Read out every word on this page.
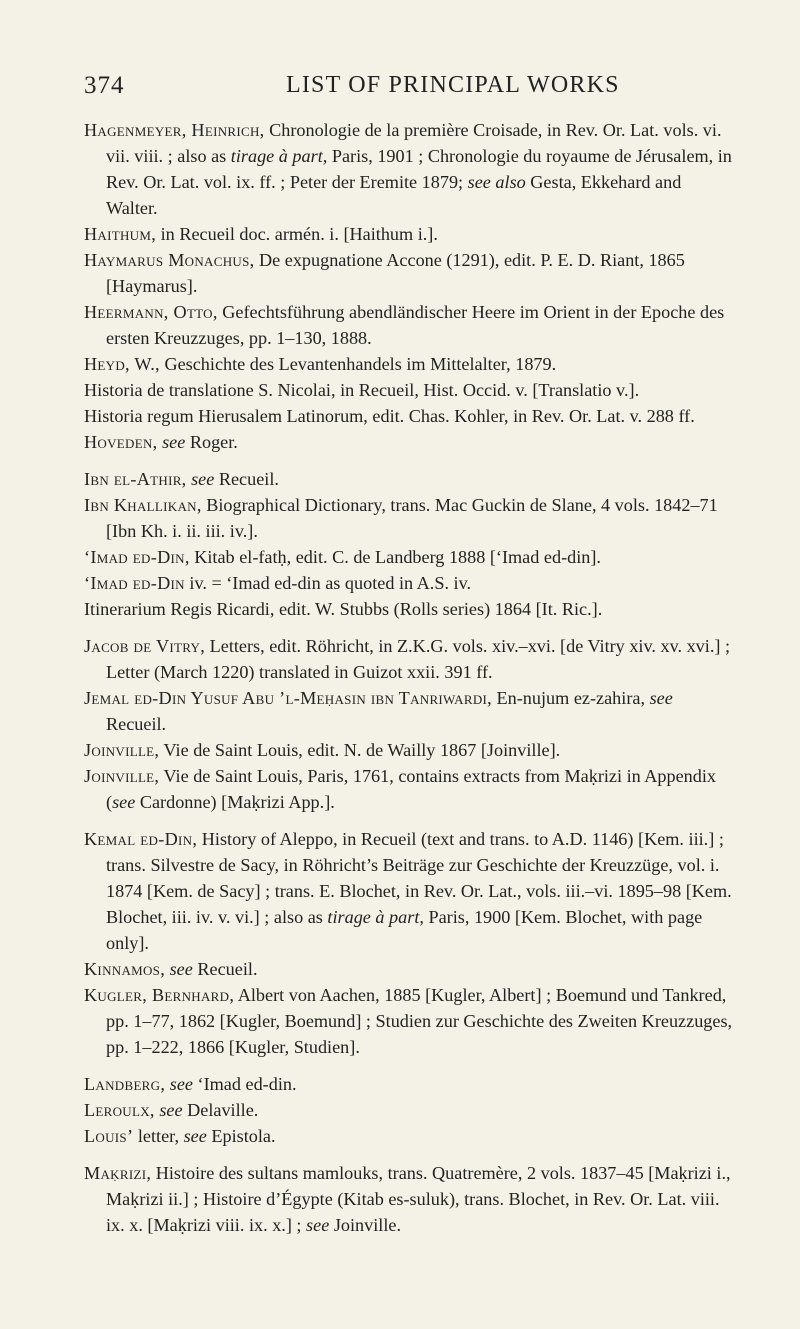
374	LIST OF PRINCIPAL WORKS

Hagenmeyer, Heinrich, Chronologie de la première Croisade, in Rev. Or. Lat. vols. vi. vii. viii. ; also as tirage à part, Paris, 1901 ; Chronologie du royaume de Jérusalem, in Rev. Or. Lat. vol. ix. ff. ; Peter der Eremite 1879; see also Gesta, Ekkehard and Walter.

Haithum, in Recueil doc. armén. i. [Haithum i.].

Haymarus Monachus, De expugnatione Accone (1291), edit. P. E. D. Riant, 1865 [Haymarus].

Heermann, Otto, Gefechtsführung abendländischer Heere im Orient in der Epoche des ersten Kreuzzuges, pp. 1–130, 1888.

Heyd, W., Geschichte des Levantenhandels im Mittelalter, 1879.

Historia de translatione S. Nicolai, in Recueil, Hist. Occid. v. [Translatio v.].

Historia regum Hierusalem Latinorum, edit. Chas. Kohler, in Rev. Or. Lat. v. 288 ff.

Hoveden, see Roger.

Ibn el-Athir, see Recueil.

Ibn Khallikan, Biographical Dictionary, trans. Mac Guckin de Slane, 4 vols. 1842–71 [Ibn Kh. i. ii. iii. iv.].

‘Imad ed-Din, Kitab el-fatḥ, edit. C. de Landberg 1888 [‘Imad ed-din].

‘Imad ed-Din iv. = ‘Imad ed-din as quoted in A.S. iv.

Itinerarium Regis Ricardi, edit. W. Stubbs (Rolls series) 1864 [It. Ric.].

Jacob de Vitry, Letters, edit. Röhricht, in Z.K.G. vols. xiv.–xvi. [de Vitry xiv. xv. xvi.] ; Letter (March 1220) translated in Guizot xxii. 391 ff.

Jemal ed-Din Yusuf Abu ’l-Meḥasin ibn Tanriwardi, En-nujum ez-zahira, see Recueil.

Joinville, Vie de Saint Louis, edit. N. de Wailly 1867 [Joinville].

Joinville, Vie de Saint Louis, Paris, 1761, contains extracts from Maḳrizi in Appendix (see Cardonne) [Maḳrizi App.].

Kemal ed-Din, History of Aleppo, in Recueil (text and trans. to A.D. 1146) [Kem. iii.] ; trans. Silvestre de Sacy, in Röhricht’s Beiträge zur Geschichte der Kreuzzüge, vol. i. 1874 [Kem. de Sacy] ; trans. E. Blochet, in Rev. Or. Lat., vols. iii.–vi. 1895–98 [Kem. Blochet, iii. iv. v. vi.] ; also as tirage à part, Paris, 1900 [Kem. Blochet, with page only].

Kinnamos, see Recueil.

Kugler, Bernhard, Albert von Aachen, 1885 [Kugler, Albert] ; Boemund und Tankred, pp. 1–77, 1862 [Kugler, Boemund] ; Studien zur Geschichte des Zweiten Kreuzzuges, pp. 1–222, 1866 [Kugler, Studien].

Landberg, see ‘Imad ed-din.

Leroulx, see Delaville.

Louis’ letter, see Epistola.

Maḳrizi, Histoire des sultans mamlouks, trans. Quatremère, 2 vols. 1837–45 [Maḳrizi i., Maḳrizi ii.] ; Histoire d’Égypte (Kitab es-suluk), trans. Blochet, in Rev. Or. Lat. viii. ix. x. [Maḳrizi viii. ix. x.] ; see Joinville.
